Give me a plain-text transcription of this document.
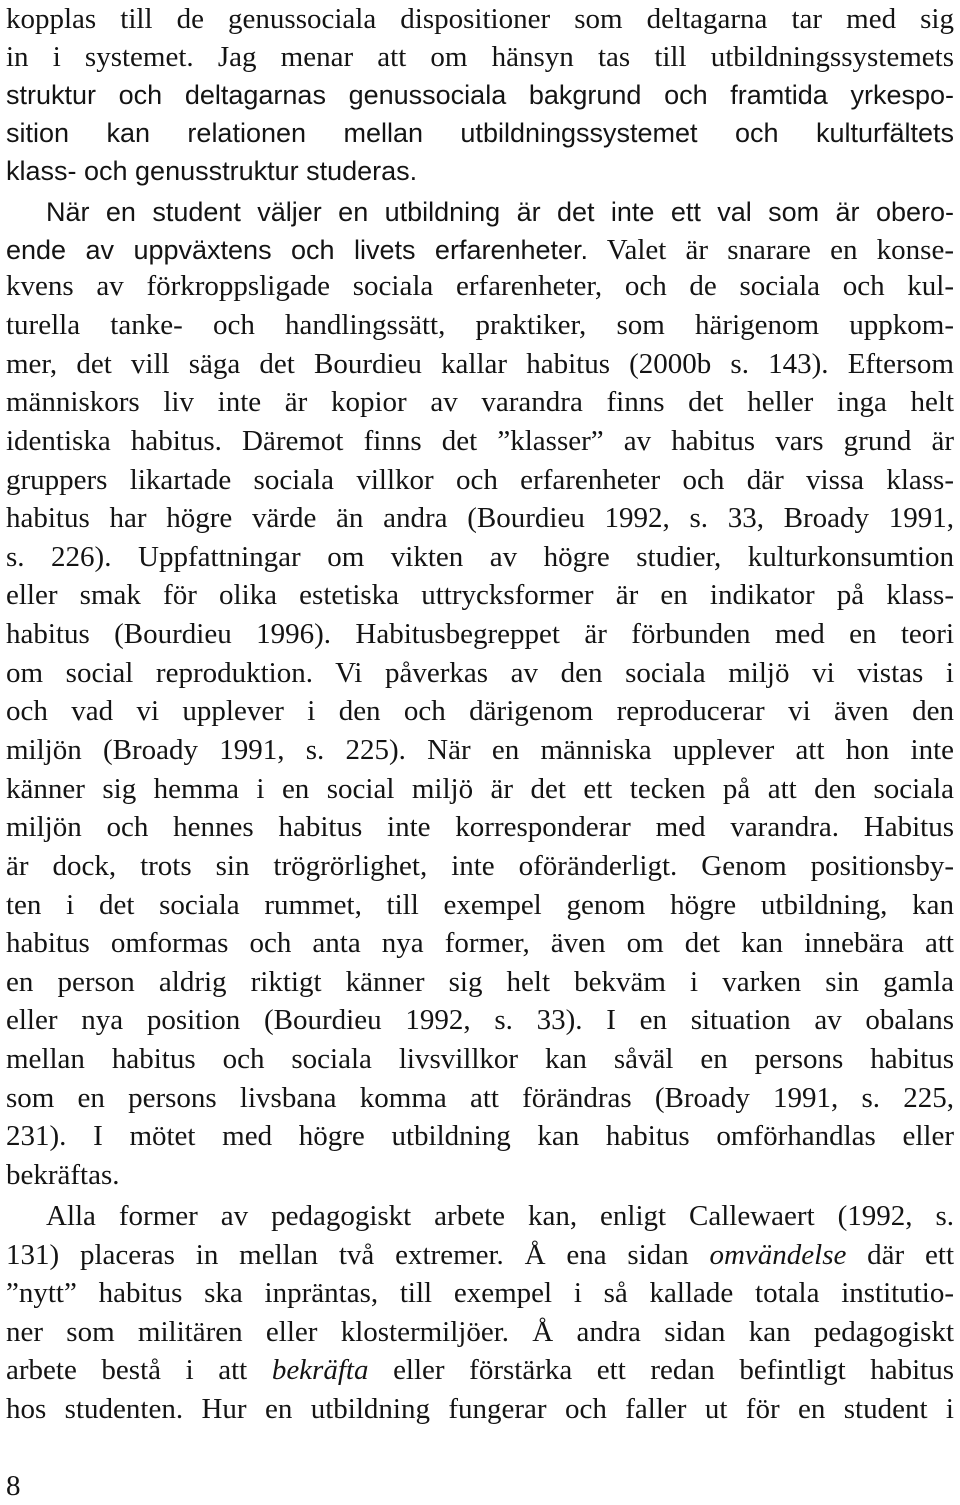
kopplas till de genussociala dispositioner som deltagarna tar med sig
in i systemet. Jag menar att om hänsyn tas till utbildningssystemets
struktur och deltagarnas genussociala bakgrund och framtida yrkespo-
sition kan relationen mellan utbildningssystemet och kulturfältets
klass- och genusstruktur studeras.
När en student väljer en utbildning är det inte ett val som är obero-
ende av uppväxtens och livets erfarenheter. Valet är snarare en konse-
kvens av förkroppsligade sociala erfarenheter, och de sociala och kul-
turella tanke- och handlingssätt, praktiker, som härigenom uppkom-
mer, det vill säga det Bourdieu kallar habitus (2000b s. 143). Eftersom
människors liv inte är kopior av varandra finns det heller inga helt
identiska habitus. Däremot finns det ”klasser” av habitus vars grund är
gruppers likartade sociala villkor och erfarenheter och där vissa klass-
habitus har högre värde än andra (Bourdieu 1992, s. 33, Broady 1991,
s. 226). Uppfattningar om vikten av högre studier, kulturkonsumtion
eller smak för olika estetiska uttrycksformer är en indikator på klass-
habitus (Bourdieu 1996). Habitusbegreppet är förbunden med en teori
om social reproduktion. Vi påverkas av den sociala miljö vi vistas i
och vad vi upplever i den och därigenom reproducerar vi även den
miljön (Broady 1991, s. 225). När en människa upplever att hon inte
känner sig hemma i en social miljö är det ett tecken på att den sociala
miljön och hennes habitus inte korresponderar med varandra. Habitus
är dock, trots sin trögrörlighet, inte oföränderligt. Genom positionsby-
ten i det sociala rummet, till exempel genom högre utbildning, kan
habitus omformas och anta nya former, även om det kan innebära att
en person aldrig riktigt känner sig helt bekväm i varken sin gamla
eller nya position (Bourdieu 1992, s. 33). I en situation av obalans
mellan habitus och sociala livsvillkor kan såväl en persons habitus
som en persons livsbana komma att förändras (Broady 1991, s. 225,
231). I mötet med högre utbildning kan habitus omförhandlas eller
bekräftas.
Alla former av pedagogiskt arbete kan, enligt Callewaert (1992, s.
131) placeras in mellan två extremer. Å ena sidan omvändelse där ett
”nytt” habitus ska inpräntas, till exempel i så kallade totala institutio-
ner som militären eller klostermiljöer. Å andra sidan kan pedagogiskt
arbete bestå i att bekräfta eller förstärka ett redan befintligt habitus
hos studenten. Hur en utbildning fungerar och faller ut för en student i
8
